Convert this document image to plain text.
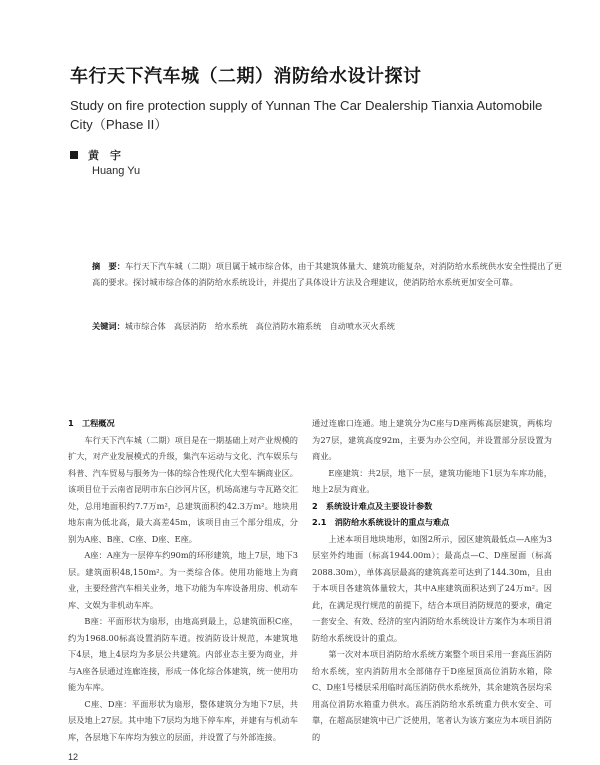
车行天下汽车城（二期）消防给水设计探讨
Study on fire protection supply of Yunnan The Car Dealership Tianxia Automobile City（Phase II）
黄　宇
Huang Yu
摘　要：车行天下汽车城（二期）项目属于城市综合体，由于其建筑体量大、建筑功能复杂，对消防给水系统供水安全性提出了更高的要求。探讨城市综合体的消防给水系统设计，并提出了具体设计方法及合理建议，使消防给水系统更加安全可靠。
关键词：城市综合体　高层消防　给水系统　高位消防水箱系统　自动喷水灭火系统

1　工程概况

车行天下汽车城（二期）项目是在一期基础上对产业规模的扩大，对产业发展模式的升级，集汽车运动与文化、汽车娱乐与科普、汽车贸易与服务为一体的综合性现代化大型车辆商业区。该项目位于云南省昆明市东白沙河片区，机场高速与寺瓦路交汇处，总用地面积约7.7万m²，总建筑面积约42.3万m²。地块用地东南为低北高，最大高差45m，该项目由三个部分组成，分别为A座、B座、C座、D座、E座。

A座：A座为一层停车约90m的环形建筑，地上7层，地下3层。建筑面积48,150m²。为一类综合体。使用功能地上为商业，主要经营汽车相关业务，地下功能为车库设备用房、机动车库、文娱为非机动车库。

B座：平面形状为扇形，由地高到最上，总建筑面积C座，约为1968.00标高设置消防车道。按消防设计规范，本建筑地下4层，地上4层均为多层公共建筑。内部业态主要为商业，并与A座各层通过连廊连接，形成一体化综合体建筑，统一使用功能为车库。

C座、D座：平面形状为扇形，整体建筑分为地下7层，共层及地上27层。其中地下7层均为地下停车库，并建有与机动车库，各层地下车库均为独立的层面，并设置了与外部连接。

通过连廊口连通。地上建筑分为C座与D座两栋高层建筑，两栋均为27层，建筑高度92m，主要为办公空间，并设置部分层设置为商业。

E座建筑：共2层，地下一层，建筑功能地下1层为车库功能，地上2层为商业。

2　系统设计难点及主要设计参数

2.1　消防给水系统设计的重点与难点

上述本项目地块地形，如图2所示，园区建筑最低点—A座为3层室外约地面（标高1944.00m）；最高点—C、D座屋面（标高2088.30m），单体高层最高的建筑高差可达到了144.30m，且由于本项目各建筑体量较大，其中A座建筑面积达到了24万m²。因此，在满足现行规范的前提下，结合本项目消防规范的要求，确定一套安全、有效、经济的室内消防给水系统设计方案作为本项目消防给水系统设计的重点。

第一次对本项目消防给水系统方案整个项目采用一套高压消防给水系统，室内消防用水全部储存于D座屋顶高位消防水箱，除C、D座1号楼层采用临时高压消防供水系统外，其余建筑各层均采用高位消防水箱重力供水。高压消防给水系统重力供水安全、可靠，在超高层建筑中已广泛使用，笔者认为该方案应为本项目消防的

12
